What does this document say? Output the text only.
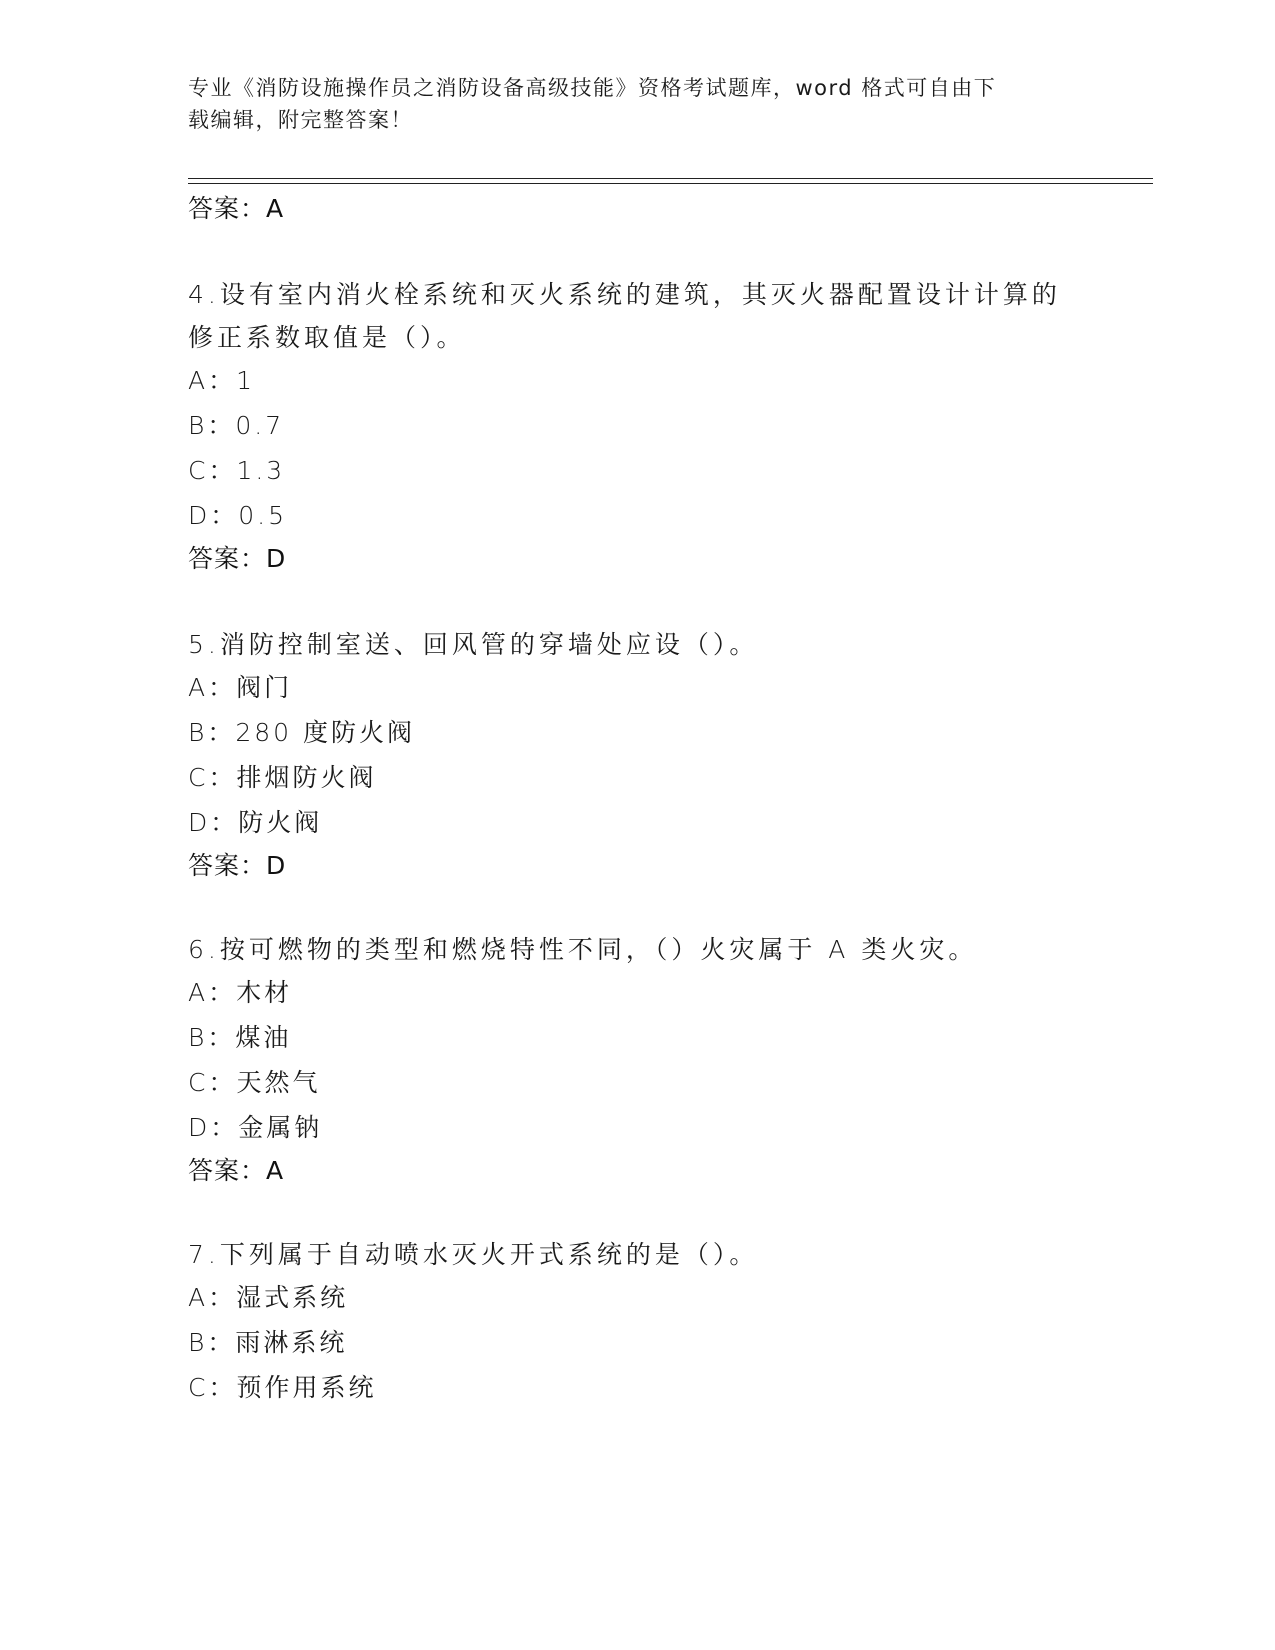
专业《消防设施操作员之消防设备高级技能》资格考试题库，word 格式可自由下
载编辑，附完整答案！

答案：A

4.设有室内消火栓系统和灭火系统的建筑，其灭火器配置设计计算的

修正系数取值是（）。

A：1

B：0.7

C：1.3

D：0.5

答案：D

5.消防控制室送、回风管的穿墙处应设（）。

A：阀门

B：280 度防火阀

C：排烟防火阀

D：防火阀

答案：D

6.按可燃物的类型和燃烧特性不同，（）火灾属于 A 类火灾。

A：木材

B：煤油

C：天然气

D：金属钠

答案：A

7.下列属于自动喷水灭火开式系统的是（）。

A：湿式系统

B：雨淋系统

C：预作用系统
